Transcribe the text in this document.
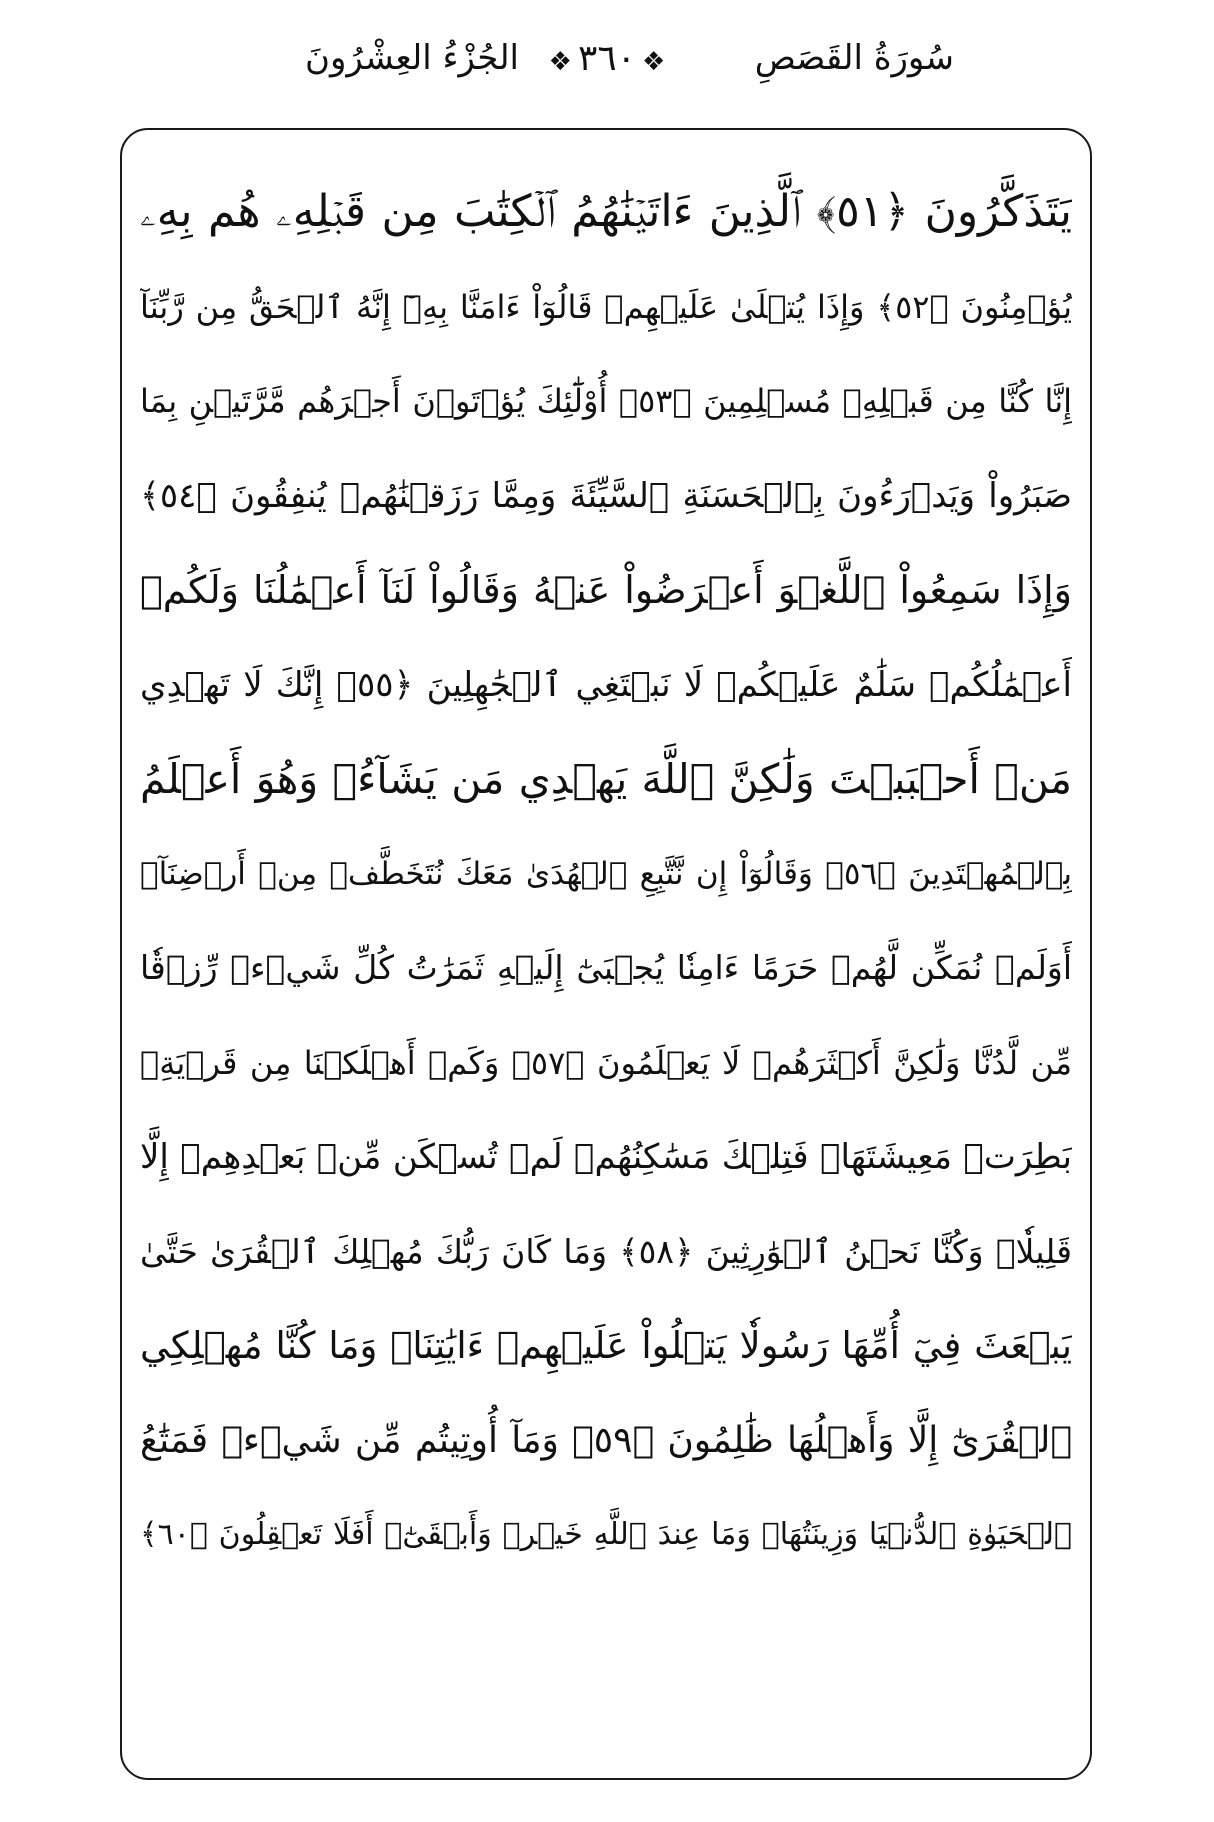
سُورَةُ القَصَصِ
❖٣٦٠❖
الجُزْءُ العِشْرُونَ
يَتَذَكَّرُونَ ﴿٥١﴾ ٱلَّذِينَ ءَاتَيۡنَٰهُمُ ٱلۡكِتَٰبَ مِن قَبۡلِهِۦ هُم بِهِۦ
يُؤۡمِنُونَ ﴿٥٢﴾ وَإِذَا يُتۡلَىٰ عَلَيۡهِمۡ قَالُوٓاْ ءَامَنَّا بِهِۦٓ إِنَّهُ ٱلۡحَقُّ مِن رَّبِّنَآ
إِنَّا كُنَّا مِن قَبۡلِهِۦ مُسۡلِمِينَ ﴿٥٣﴾ أُوْلَٰٓئِكَ يُؤۡتَوۡنَ أَجۡرَهُم مَّرَّتَيۡنِ بِمَا
صَبَرُواْ وَيَدۡرَءُونَ بِٱلۡحَسَنَةِ ٱلسَّيِّئَةَ وَمِمَّا رَزَقۡنَٰهُمۡ يُنفِقُونَ ﴿٥٤﴾
وَإِذَا سَمِعُواْ ٱللَّغۡوَ أَعۡرَضُواْ عَنۡهُ وَقَالُواْ لَنَآ أَعۡمَٰلُنَا وَلَكُمۡ
أَعۡمَٰلُكُمۡ سَلَٰمٌ عَلَيۡكُمۡ لَا نَبۡتَغِي ٱلۡجَٰهِلِينَ ﴿٥٥﴾ إِنَّكَ لَا تَهۡدِي
مَنۡ أَحۡبَبۡتَ وَلَٰكِنَّ ٱللَّهَ يَهۡدِي مَن يَشَآءُۚ وَهُوَ أَعۡلَمُ
بِٱلۡمُهۡتَدِينَ ﴿٥٦﴾ وَقَالُوٓاْ إِن نَّتَّبِعِ ٱلۡهُدَىٰ مَعَكَ نُتَخَطَّفۡ مِنۡ أَرۡضِنَآۚ
أَوَلَمۡ نُمَكِّن لَّهُمۡ حَرَمًا ءَامِنٗا يُجۡبَىٰٓ إِلَيۡهِ ثَمَرَٰتُ كُلِّ شَيۡءٖ رِّزۡقٗا
مِّن لَّدُنَّا وَلَٰكِنَّ أَكۡثَرَهُمۡ لَا يَعۡلَمُونَ ﴿٥٧﴾ وَكَمۡ أَهۡلَكۡنَا مِن قَرۡيَةِۭ
بَطِرَتۡ مَعِيشَتَهَاۖ فَتِلۡكَ مَسَٰكِنُهُمۡ لَمۡ تُسۡكَن مِّنۢ بَعۡدِهِمۡ إِلَّا
قَلِيلٗاۖ وَكُنَّا نَحۡنُ ٱلۡوَٰرِثِينَ ﴿٥٨﴾ وَمَا كَانَ رَبُّكَ مُهۡلِكَ ٱلۡقُرَىٰ حَتَّىٰ
يَبۡعَثَ فِيٓ أُمِّهَا رَسُولٗا يَتۡلُواْ عَلَيۡهِمۡ ءَايَٰتِنَاۚ وَمَا كُنَّا مُهۡلِكِي
ٱلۡقُرَىٰٓ إِلَّا وَأَهۡلُهَا ظَٰلِمُونَ ﴿٥٩﴾ وَمَآ أُوتِيتُم مِّن شَيۡءٖ فَمَتَٰعُ
ٱلۡحَيَوٰةِ ٱلدُّنۡيَا وَزِينَتُهَاۚ وَمَا عِندَ ٱللَّهِ خَيۡرٞ وَأَبۡقَىٰٓۚ أَفَلَا تَعۡقِلُونَ ﴿٦٠﴾
